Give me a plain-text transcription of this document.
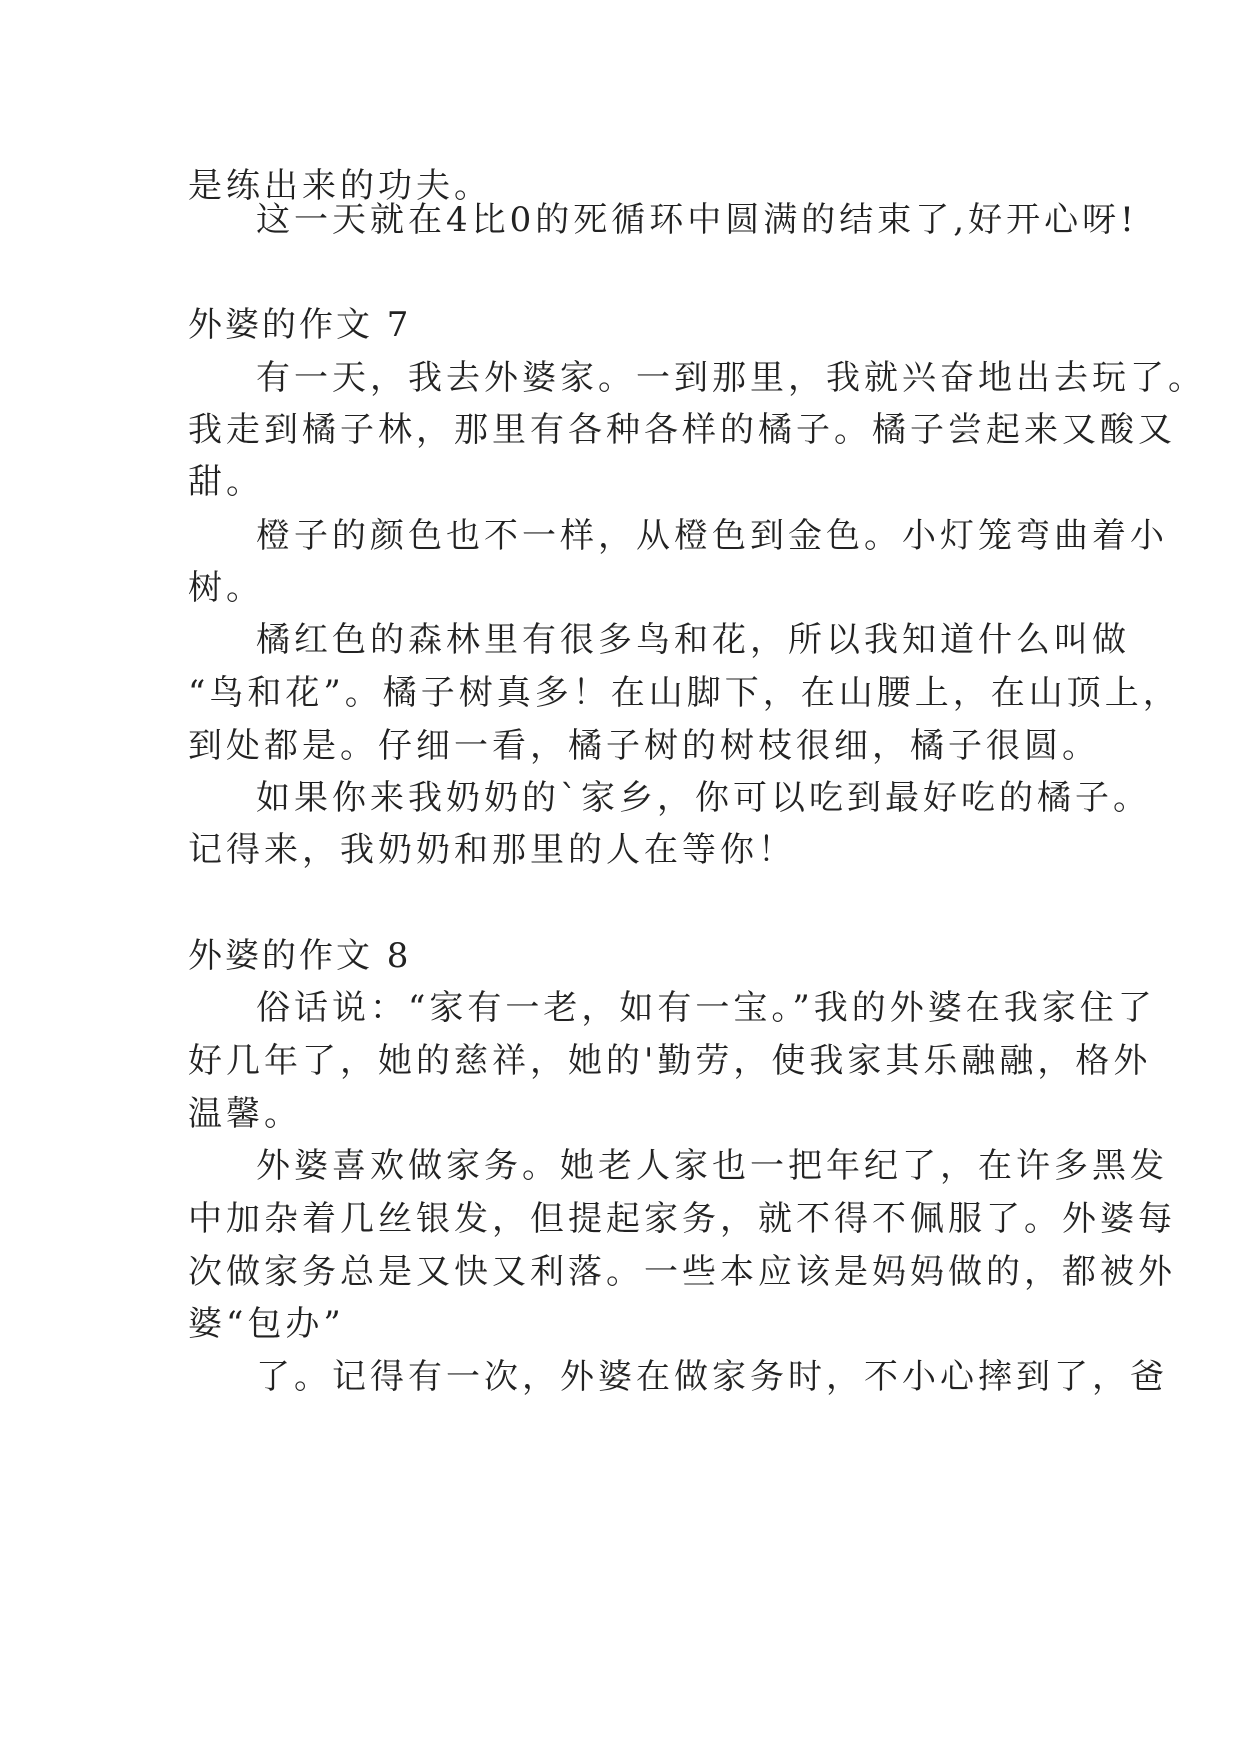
是练出来的功夫。
这一天就在4比0的死循环中圆满的结束了,好开心呀!
外婆的作文 7
有一天，我去外婆家。一到那里，我就兴奋地出去玩了。
我走到橘子林，那里有各种各样的橘子。橘子尝起来又酸又
甜。
橙子的颜色也不一样，从橙色到金色。小灯笼弯曲着小
树。
橘红色的森林里有很多鸟和花，所以我知道什么叫做
“鸟和花”。橘子树真多！在山脚下，在山腰上，在山顶上，
到处都是。仔细一看，橘子树的树枝很细，橘子很圆。
如果你来我奶奶的`家乡，你可以吃到最好吃的橘子。
记得来，我奶奶和那里的人在等你！
外婆的作文 8
俗话说：“家有一老，如有一宝。”我的外婆在我家住了
好几年了，她的慈祥，她的'勤劳，使我家其乐融融，格外
温馨。
外婆喜欢做家务。她老人家也一把年纪了，在许多黑发
中加杂着几丝银发，但提起家务，就不得不佩服了。外婆每
次做家务总是又快又利落。一些本应该是妈妈做的，都被外
婆“包办”
了。记得有一次，外婆在做家务时，不小心摔到了，爸
